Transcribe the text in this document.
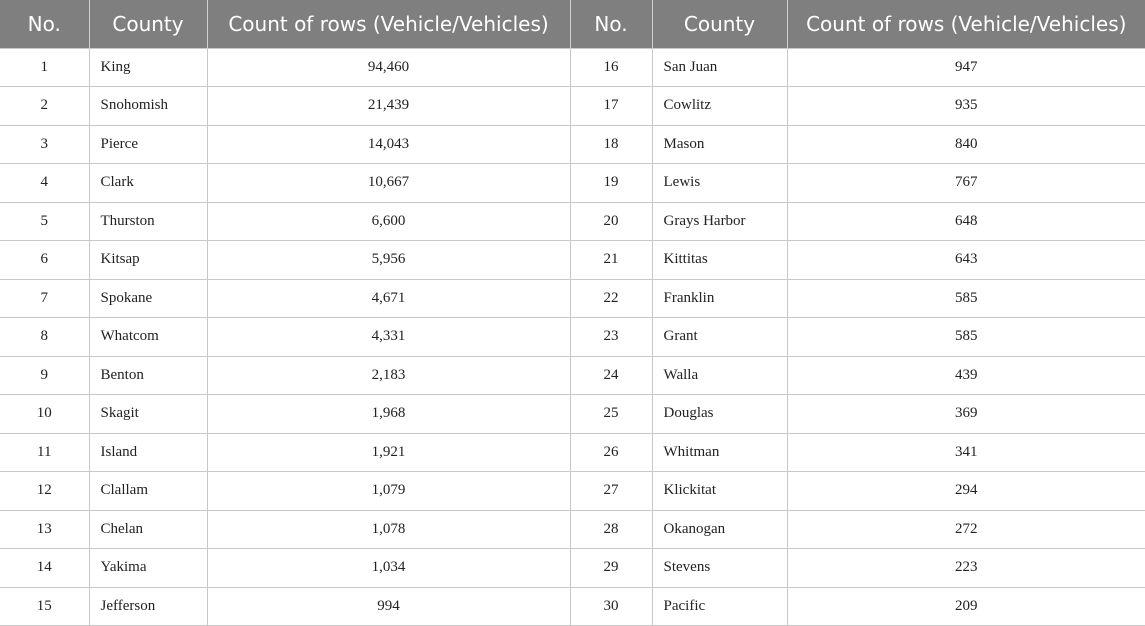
No.	County	Count of rows (Vehicle/Vehicles)	No.	County	Count of rows (Vehicle/Vehicles)
1	King	94,460	16	San Juan	947
2	Snohomish	21,439	17	Cowlitz	935
3	Pierce	14,043	18	Mason	840
4	Clark	10,667	19	Lewis	767
5	Thurston	6,600	20	Grays Harbor	648
6	Kitsap	5,956	21	Kittitas	643
7	Spokane	4,671	22	Franklin	585
8	Whatcom	4,331	23	Grant	585
9	Benton	2,183	24	Walla	439
10	Skagit	1,968	25	Douglas	369
11	Island	1,921	26	Whitman	341
12	Clallam	1,079	27	Klickitat	294
13	Chelan	1,078	28	Okanogan	272
14	Yakima	1,034	29	Stevens	223
15	Jefferson	994	30	Pacific	209
